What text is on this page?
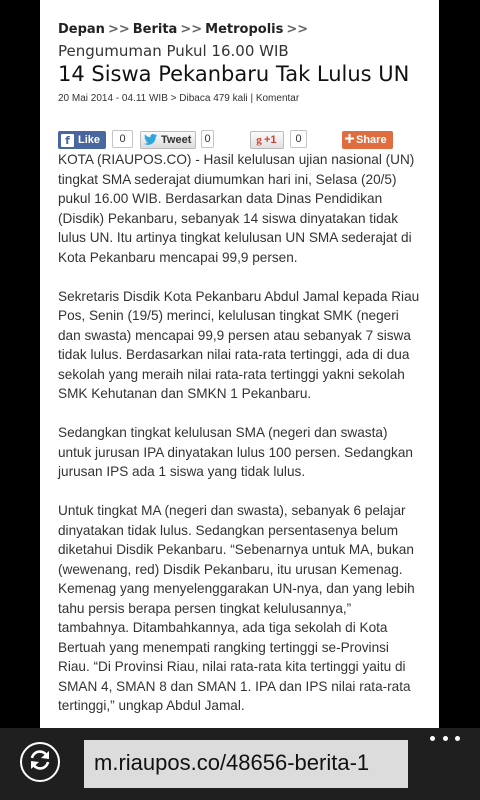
Depan >> Berita >> Metropolis >>
Pengumuman Pukul 16.00 WIB
14 Siswa Pekanbaru Tak Lulus UN
20 Mai 2014 - 04.11 WIB > Dibaca 479 kali | Komentar
f Like	0	Tweet	0	g +1	0	Share

KOTA (RIAUPOS.CO) - Hasil kelulusan ujian nasional (UN) tingkat SMA sederajat diumumkan hari ini, Selasa (20/5) pukul 16.00 WIB. Berdasarkan data Dinas Pendidikan (Disdik) Pekanbaru, sebanyak 14 siswa dinyatakan tidak lulus UN. Itu artinya tingkat kelulusan UN SMA sederajat di Kota Pekanbaru mencapai 99,9 persen.

Sekretaris Disdik Kota Pekanbaru Abdul Jamal kepada Riau Pos, Senin (19/5) merinci, kelulusan tingkat SMK (negeri dan swasta) mencapai 99,9 persen atau sebanyak 7 siswa tidak lulus. Berdasarkan nilai rata-rata tertinggi, ada di dua sekolah yang meraih nilai rata-rata tertinggi yakni sekolah SMK Kehutanan dan SMKN 1 Pekanbaru.

Sedangkan tingkat kelulusan SMA (negeri dan swasta) untuk jurusan IPA dinyatakan lulus 100 persen. Sedangkan jurusan IPS ada 1 siswa yang tidak lulus.

Untuk tingkat MA (negeri dan swasta), sebanyak 6 pelajar dinyatakan tidak lulus. Sedangkan persentasenya belum diketahui Disdik Pekanbaru. “Sebenarnya untuk MA, bukan (wewenang, red) Disdik Pekanbaru, itu urusan Kemenag. Kemenag yang menyelenggarakan UN-nya, dan yang lebih tahu persis berapa persen tingkat kelulusannya,” tambahnya. Ditambahkannya, ada tiga sekolah di Kota Bertuah yang menempati rangking tertinggi se-Provinsi Riau. “Di Provinsi Riau, nilai rata-rata kita tertinggi yaitu di SMAN 4, SMAN 8 dan SMAN 1. IPA dan IPS nilai rata-rata tertinggi,” ungkap Abdul Jamal.

m.riaupos.co/48656-berita-1
